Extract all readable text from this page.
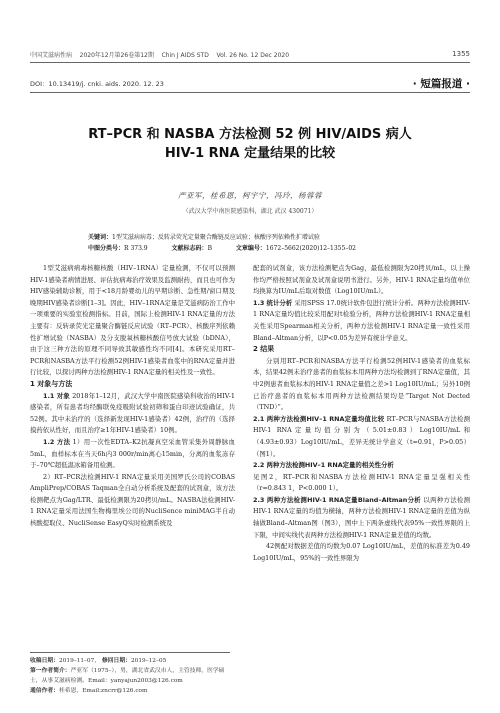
中国艾滋病性病 2020年12月第26卷第12期 Chin J AIDS STD Vol. 26 No. 12 Dec 2020	1355
DOI：10.13419/j. cnki. aids. 2020. 12. 23	· 短篇报道 ·
RT–PCR 和 NASBA 方法检测 52 例 HIV/AIDS 病人
HIV-1 RNA 定量结果的比较
严亚军，桂希恩，柯宇宁，冯玲，杨蓉蓉
（武汉大学中南医院感染科，湖北 武汉 430071）
关键词：1型艾滋病病毒；反转录荧光定量聚合酶链反应试验；核酸序列依赖性扩增试验
中图分类号：R 373.9	文献标志码：B	文章编号：1672–5662(2020)12–1355–02

1型艾滋病病毒核糖核酸（HIV–1RNA）定量检测，不仅可以预测HIV-1感染者病情进展、评估抗病毒治疗效果及监测耐药，而且也可作为HIV感染辅助诊断，用于<18月龄婴幼儿的早期诊断、急性期/窗口期及晚期HIV感染者诊断[1–3]。因此，HIV–1RNA定量是艾滋病防治工作中一项重要的实验室检测指标。目前，国际上检测HIV-1 RNA定量的方法主要有：反转录荧光定量聚合酶链反应试验（RT–PCR）、核酸序列依赖性扩增试验（NASBA）及分支脱氧核糖核酸信号放大试验（bDNA），由于这三种方法的原理不同导致其敏感性均不同[4]。本研究采用RT–PCR和NASBA方法平行检测52例HIV-1感染者血浆中的RNA定量并进行比较，以探讨两种方法检测HIV-1 RNA定量的相关性及一致性。

1 对象与方法

1.1 对象 2018年1–12月，武汉大学中南医院感染科收治的HIV-1感染者，所有患者均经酶联免疫吸附试验初筛和蛋白印迹试验确证，共52例。其中未治疗的（选择新发现HIV-1感染者）42例，治疗的（选择摸药依从性好，而且治疗≥1年HIV-1感染者）10例。

1.2 方法 1）用一次性EDTA–K2抗凝真空采血管采集外周静脉血5mL，血样标本在当天6h内3 000r/min离心15min，分离的血浆冻存于–70℃超低温冰箱备用检测。

2）RT–PCR法检测HIV-1 RNA定量采用美国罗氏公司的COBAS AmpliPrep/COBAS Taqman全自动分析系统及配套的试剂盒，该方法检测靶点为Gag/LTR、最低检测限为20拷贝/mL。NASBA法检测HIV-1 RNA定量采用法国生物梅里埃公司的NucliSence miniMAG半自动核酸提取仪、NucliSense EasyQ实时检测系统及

收稿日期：2019–11–07， 修回日期：2019–12–05
第一作者简介：严亚军（1975–），男，湖北省武汉市人，主管技师，医学硕士，从事艾滋病检测。Email：yanyajun2003@126.com
通信作者：桂希恩，Email:zncrr@126.com

配套的试剂盒，该方法检测靶点为Gag，最低检测限为20拷贝/mL，以上操作均严格按照试剂盒及试剂盒说明书进行。另外，HIV-1 RNA定量均值单位均换算为IU/mL后取对数值（Log10IU/mL）。

1.3 统计分析 采用SPSS 17.0统计软件包进行统计分析。两种方法检测HIV-1 RNA定量均值比较采用配对t检验分析，两种方法检测HIV-1 RNA定量相关性采用Spearman相关分析，两种方法检测HIV-1 RNA定量一致性采用Bland–Altman分析，以P<0.05为差异有统计学意义。

2 结果

分别用RT–PCR和NASBA方法平行检测52例HIV-1感染者的血浆标本，结果42例未治疗患者的血浆标本用两种方法均检测到了RNA定量值，其中2例患者血浆标本的HIV-1 RNA定量值之差>1 Log10IU/mL；另外10例已治疗患者的血浆标本用两种方法检测结果均是“Target Not Dected（TND）”。

2.1 两种方法检测HIV–1 RNA定量均值比较 RT–PCR与NASBA方法检测HIV-1 RNA定量均值分别为（5.01±0.83）Log10IU/mL和（4.93±0.93）Log10IU/mL，差异无统计学意义（t=0.91，P>0.05）（图1）。

2.2 两种方法检测HIV–1 RNA定量的相关性分析

见图2，RT–PCR和NASBA方法检测HIV-1 RNA定量呈强相关性（r=0.843 1，P<0.000 1）。

2.3 两种方法检测HIV-1 RNA定量Bland–Altman分析 以两种方法检测HIV-1 RNA定量的均值为横轴，两种方法检测HIV-1 RNA定量的差值为纵轴做Bland–Altman图（图3），图中上下两条虚线代表95%一致性界限的上下限，中间实线代表两种方法检测HIV-1 RNA定量差值的均数。

42例配对数据差值的均数为0.07 Log10IU/mL，差值的标准差为0.49 Log10IU/mL，95%的一致性界限为
